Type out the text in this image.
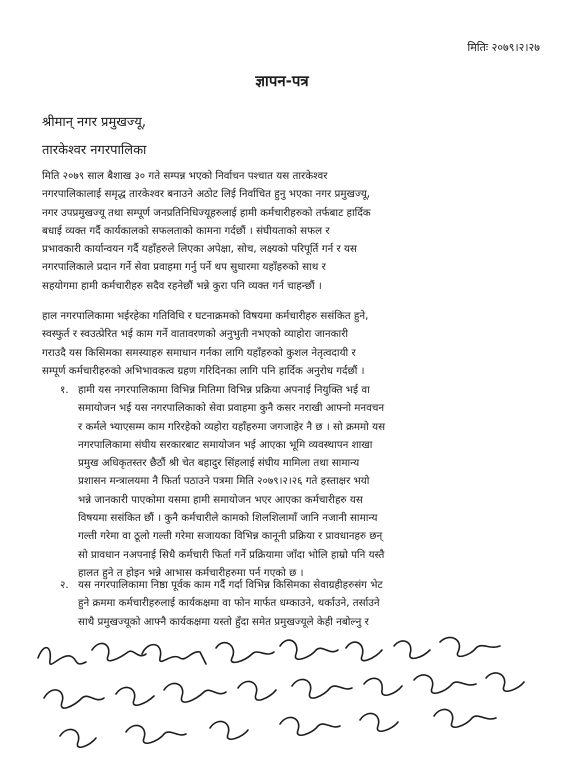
मितिः २०७९।२।२७
ज्ञापन-पत्र
श्रीमान् नगर प्रमुखज्यू,
तारकेश्वर नगरपालिका
मिति २०७९ साल बैशाख ३० गते सम्पन्न भएको निर्वाचन पश्चात यस तारकेश्वर
नगरपालिकालाई समृद्ध तारकेश्वर बनाउने अठोट लिई निर्वाचित हुनु भएका नगर प्रमुखज्यू,
नगर उपप्रमुखज्यू तथा सम्पूर्ण जनप्रतिनिधिज्यूहरुलाई हामी कर्मचारीहरुको तर्फबाट हार्दिक
बधाई व्यक्त गर्दै कार्यकालको सफलताको कामना गर्दछौं । संघीयताको सफल र
प्रभावकारी कार्यान्वयन गर्दै यहाँहरुले लिएका अपेक्षा, सोच, लक्ष्यको परिपूर्ति गर्न र यस
नगरपालिकाले प्रदान गर्ने सेवा प्रवाहमा गर्नु पर्ने थप सुधारमा यहाँहरुको साथ र
सहयोगमा हामी कर्मचारीहरु सदैव रहनेछौं भन्ने कुरा पनि व्यक्त गर्न चाहन्छौं ।
हाल नगरपालिकामा भईरहेका गतिविधि र घटनाक्रमको विषयमा कर्मचारीहरु ससंकित हुने,
स्वस्फुर्त र स्वउत्प्रेरित भई काम गर्ने वातावरणको अनुभुती नभएको व्याहोरा जानकारी
गराउदै यस किसिमका समस्याहरु समाधान गर्नका लागि यहाँहरुको कुशल नेतृत्वदायी र
सम्पूर्ण कर्मचारीहरुको अभिभावकत्व ग्रहण गरिदिनका लागि पनि हार्दिक अनुरोध गर्दछौं ।
१. हामी यस नगरपालिकामा विभिन्न मितिमा विभिन्न प्रक्रिया अपनाई नियुक्ति भई वा
समायोजन भई यस नगरपालिकाको सेवा प्रवाहमा कुनै कसर नराखी आफ्नो मनवचन
र कर्मले भ्याएसम्म काम गरिरहेको व्यहोरा यहाँहरुमा जगजाहेर नै छ । सो क्रममो यस
नगरपालिकामा संघीय सरकारबाट समायोजन भई आएका भूमि व्यवस्थापन शाखा
प्रमुख अधिकृतस्तर छैठौं श्री चेत बहादुर सिंहलाई संघीय मामिला तथा सामान्य
प्रशासन मन्त्रालयमा नै फिर्ता पठाउने पत्रमा मिति २०७९।२।२६ गते हस्ताक्षर भयो
भन्ने जानकारी पाएकोमा यसमा हामी समायोजन भएर आएका कर्मचारीहरु यस
विषयमा ससंकित छौं । कुनै कर्मचारीले कामको शिलशिलामाँ जानि नजानी सामान्य
गल्ती गरेमा वा ठूलो गल्ती गरेमा सजायका विभिन्न कानूनी प्रक्रिया र प्रावधानहरु छन्
सो प्रावधान नअपनाई सिधै कर्मचारी फिर्ता गर्ने प्रक्रियामा जाँदा भोलि हाम्रो पनि यस्तै
हालत हुने त होइन भन्ने आभास कर्मचारीहरुमा पर्न गएको छ ।
२. यस नगरपालिकामा निष्ठा पूर्वक काम गर्दै गर्दा विभिन्न किसिमका सेवाग्रहीहरुसंग भेट
हुने क्रममा कर्मचारीहरुलाई कार्यकक्षमा वा फोन मार्फत धम्काउने, थर्काउने, तर्साउने
साथै प्रमुखज्यूको आफ्नै कार्यकक्षमा यस्तो हुँदा समेत प्रमुखज्यूले केही नबोल्नु र
